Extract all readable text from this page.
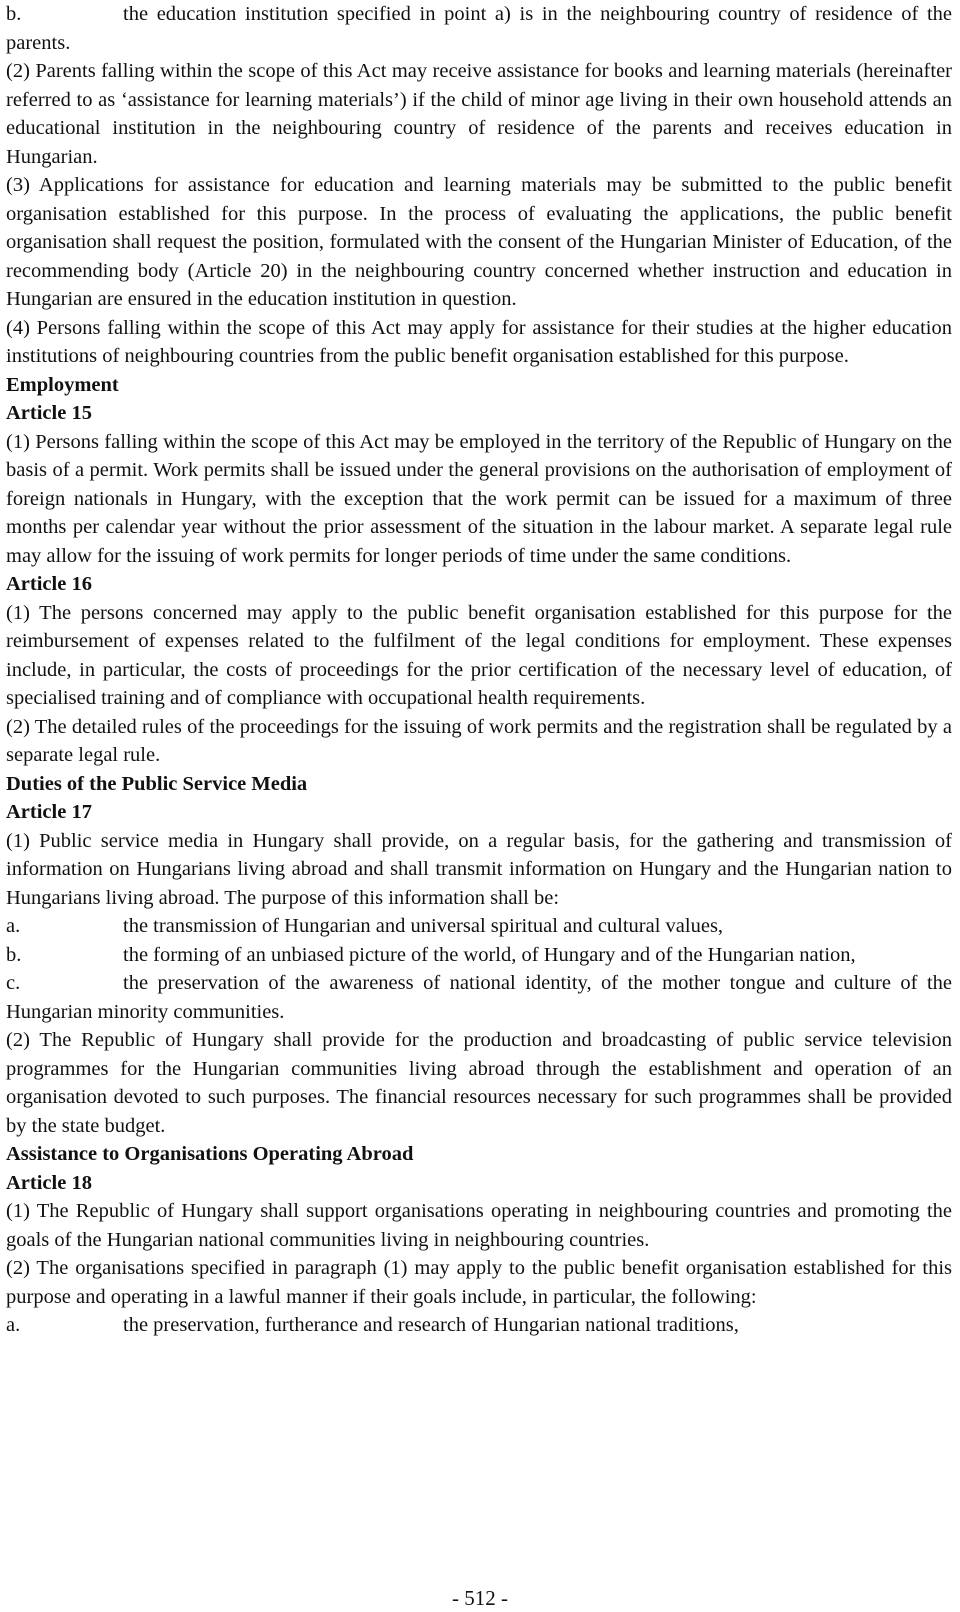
b.	the education institution specified in point a) is in the neighbouring country of residence of the parents.

(2) Parents falling within the scope of this Act may receive assistance for books and learning materials (hereinafter referred to as ‘assistance for learning materials’) if the child of minor age living in their own household attends an educational institution in the neighbouring country of residence of the parents and receives education in Hungarian.

(3) Applications for assistance for education and learning materials may be submitted to the public benefit organisation established for this purpose. In the process of evaluating the applications, the public benefit organisation shall request the position, formulated with the consent of the Hungarian Minister of Education, of the recommending body (Article 20) in the neighbouring country concerned whether instruction and education in Hungarian are ensured in the education institution in question.

(4) Persons falling within the scope of this Act may apply for assistance for their studies at the higher education institutions of neighbouring countries from the public benefit organisation established for this purpose.

Employment

Article 15

(1) Persons falling within the scope of this Act may be employed in the territory of the Republic of Hungary on the basis of a permit. Work permits shall be issued under the general provisions on the authorisation of employment of foreign nationals in Hungary, with the exception that the work permit can be issued for a maximum of three months per calendar year without the prior assessment of the situation in the labour market. A separate legal rule may allow for the issuing of work permits for longer periods of time under the same conditions.

Article 16

(1) The persons concerned may apply to the public benefit organisation established for this purpose for the reimbursement of expenses related to the fulfilment of the legal conditions for employment. These expenses include, in particular, the costs of proceedings for the prior certification of the necessary level of education, of specialised training and of compliance with occupational health requirements.

(2) The detailed rules of the proceedings for the issuing of work permits and the registration shall be regulated by a separate legal rule.

Duties of the Public Service Media

Article 17

(1) Public service media in Hungary shall provide, on a regular basis, for the gathering and transmission of information on Hungarians living abroad and shall transmit information on Hungary and the Hungarian nation to Hungarians living abroad. The purpose of this information shall be:

a.	the transmission of Hungarian and universal spiritual and cultural values,

b.	the forming of an unbiased picture of the world, of Hungary and of the Hungarian nation,

c.	the preservation of the awareness of national identity, of the mother tongue and culture of the Hungarian minority communities.

(2) The Republic of Hungary shall provide for the production and broadcasting of public service television programmes for the Hungarian communities living abroad through the establishment and operation of an organisation devoted to such purposes. The financial resources necessary for such programmes shall be provided by the state budget.

Assistance to Organisations Operating Abroad

Article 18

(1) The Republic of Hungary shall support organisations operating in neighbouring countries and promoting the goals of the Hungarian national communities living in neighbouring countries.

(2) The organisations specified in paragraph (1) may apply to the public benefit organisation established for this purpose and operating in a lawful manner if their goals include, in particular, the following:

a.	the preservation, furtherance and research of Hungarian national traditions,

- 512 -
